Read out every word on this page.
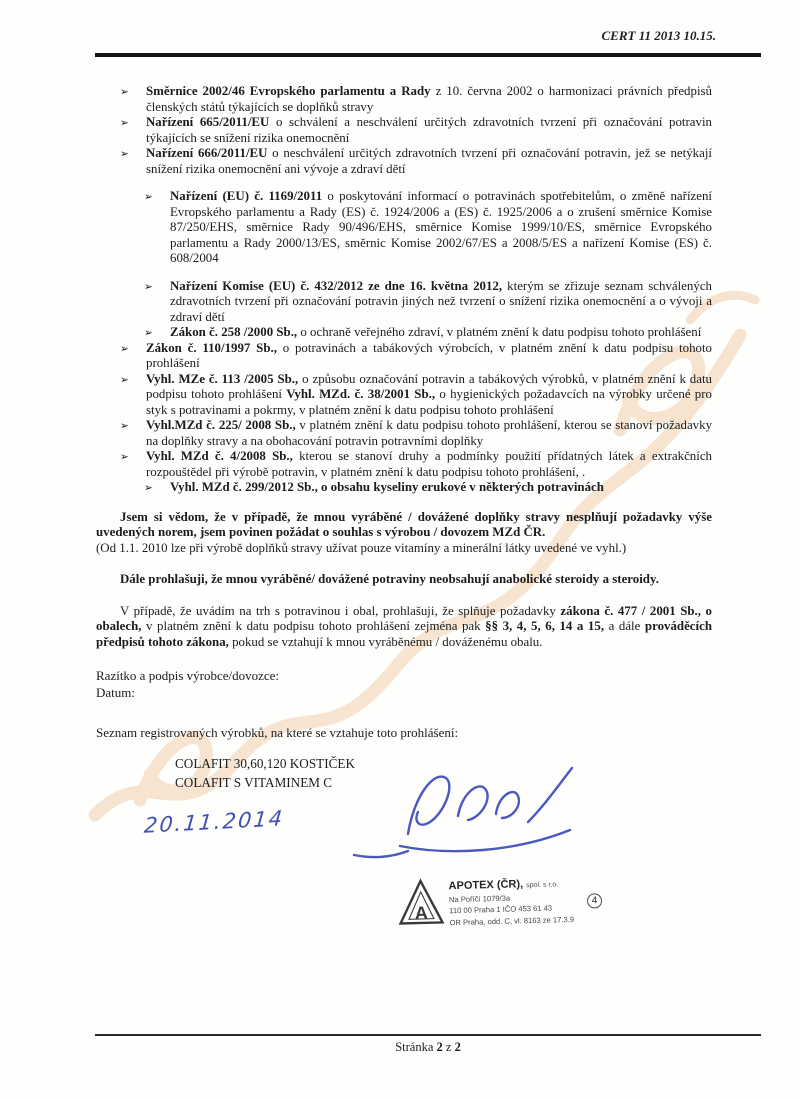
CERT 11 2013 10.15.
➢ Směrnice 2002/46 Evropského parlamentu a Rady z 10. června 2002 o harmonizaci právních předpisů členských států týkajících se doplňků stravy
➢ Nařízení 665/2011/EU o schválení a neschválení určitých zdravotních tvrzení při označování potravin týkajících se snížení rizika onemocnění
➢ Nařízení 666/2011/EU o neschválení určitých zdravotních tvrzení při označování potravin, jež se netýkají snížení rizika onemocnění ani vývoje a zdraví dětí
➢ Nařízení (EU) č. 1169/2011 o poskytování informací o potravinách spotřebitelům, o změně nařízení Evropského parlamentu a Rady (ES) č. 1924/2006 a (ES) č. 1925/2006 a o zrušení směrnice Komise 87/250/EHS, směrnice Rady 90/496/EHS, směrnice Komise 1999/10/ES, směrnice Evropského parlamentu a Rady 2000/13/ES, směrnic Komise 2002/67/ES a 2008/5/ES a nařízení Komise (ES) č. 608/2004
➢ Nařízení Komise (EU) č. 432/2012 ze dne 16. května 2012, kterým se zřizuje seznam schválených zdravotních tvrzení při označování potravin jiných než tvrzení o snížení rizika onemocnění a o vývoji a zdraví dětí
➢ Zákon č. 258 /2000 Sb., o ochraně veřejného zdraví, v platném znění k datu podpisu tohoto prohlášení
➢ Zákon č. 110/1997 Sb., o potravinách a tabákových výrobcích, v platném znění k datu podpisu tohoto prohlášení
➢ Vyhl. MZe č. 113 /2005 Sb., o způsobu označování potravin a tabákových výrobků, v platném znění k datu podpisu tohoto prohlášení Vyhl. MZd. č. 38/2001 Sb., o hygienických požadavcích na výrobky určené pro styk s potravinami a pokrmy, v platném znění k datu podpisu tohoto prohlášení
➢ Vyhl.MZd č. 225/ 2008 Sb., v platném znění k datu podpisu tohoto prohlášení, kterou se stanoví požadavky na doplňky stravy a na obohacování potravin potravními doplňky
➢ Vyhl. MZd č. 4/2008 Sb., kterou se stanoví druhy a podmínky použití přídatných látek a extrakčních rozpouštědel při výrobě potravin, v platném znění k datu podpisu tohoto prohlášení, .
➢ Vyhl. MZd č. 299/2012 Sb., o obsahu kyseliny erukové v některých potravinách
Jsem si vědom, že v případě, že mnou vyráběné / dovážené doplňky stravy nesplňují požadavky výše uvedených norem, jsem povinen požádat o souhlas s výrobou / dovozem MZd ČR.
(Od 1.1. 2010 lze při výrobě doplňků stravy užívat pouze vitamíny a minerální látky uvedené ve vyhl.)
Dále prohlašuji, že mnou vyráběné/ dovážené potraviny neobsahují anabolické steroidy a steroidy.
V případě, že uvádím na trh s potravinou i obal, prohlašuji, že splňuje požadavky zákona č. 477 / 2001 Sb., o obalech, v platném znění k datu podpisu tohoto prohlášení zejména pak §§ 3, 4, 5, 6, 14 a 15, a dále prováděcích předpisů tohoto zákona, pokud se vztahují k mnou vyráběnému / dováženému obalu.
Razítko a podpis výrobce/dovozce:
Datum:
Seznam registrovaných výrobků, na které se vztahuje toto prohlášení:
COLAFIT 30,60,120 KOSTIČEK
COLAFIT S VITAMINEM C
20.11.2014
A
APOTEX (ČR), spol. s r.o.
Na Poříčí 1079/3a
110 00 Praha 1 IČO 453 61 43
OR Praha, odd. C, vl. 8163 ze 17.3.9
4
Stránka 2 z 2
